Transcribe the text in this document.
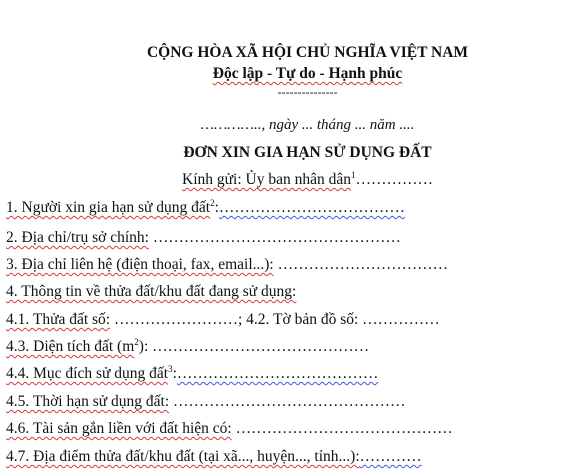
CỘNG HÒA XÃ HỘI CHỦ NGHĨA VIỆT NAM
Độc lập - Tự do - Hạnh phúc
---------------
………….., ngày ... tháng ... năm ....
ĐƠN XIN GIA HẠN SỬ DỤNG ĐẤT
Kính gửi: Ủy ban nhân dân$^1$……………
1. Người xin gia hạn sử dụng đất$^2$:………………………………
2. Địa chỉ/trụ sở chính: …………………………………………
3. Địa chỉ liên hệ (điện thoại, fax, email...): ……………………………
4. Thông tin về thửa đất/khu đất đang sử dụng:
4.1. Thửa đất số: ……………………; 4.2. Tờ bản đồ số: ……………
4.3. Diện tích đất $(m^2)$: ……………………………………
4.4. Mục đích sử dụng đất$^3$:…………………………………
4.5. Thời hạn sử dụng đất: ………………………………………
4.6. Tài sản gắn liền với đất hiện có: ……………………………………
4.7. Địa điểm thửa đất/khu đất (tại xã..., huyện..., tỉnh...):…………
